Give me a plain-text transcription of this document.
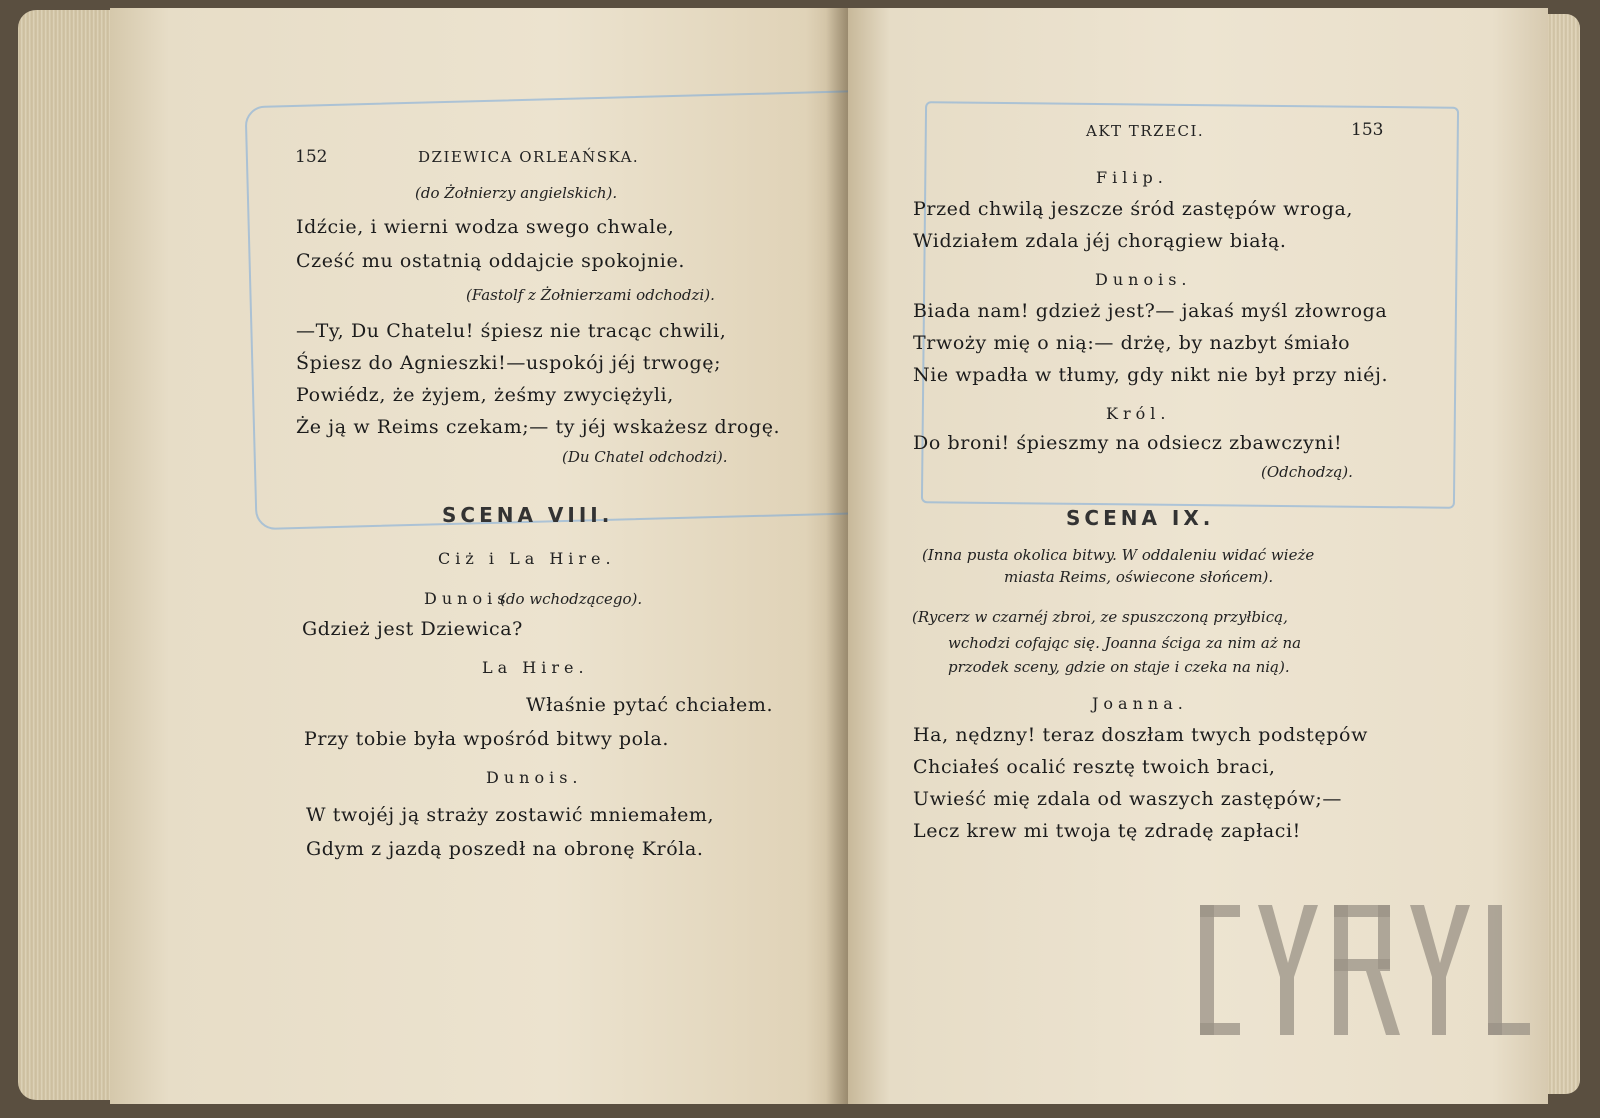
152	DZIEWICA ORLEAŃSKA.
(do Żołnierzy angielskich).
Idźcie, i wierni wodza swego chwale,
Cześć mu ostatnią oddajcie spokojnie.
(Fastolf z Żołnierzami odchodzi).
—Ty, Du Chatelu! śpiesz nie tracąc chwili,
Śpiesz do Agnieszki!—uspokój jéj trwogę;
Powiédz, że żyjem, żeśmy zwyciężyli,
Że ją w Reims czekam;— ty jéj wskażesz drogę.
(Du Chatel odchodzi).
SCENA VIII.
Ciż i La Hire.
Dunois
(do wchodzącego).
Gdzież jest Dziewica?
La Hire.
Właśnie pytać chciałem.
Przy tobie była wpośród bitwy pola.
Dunois.
W twojéj ją straży zostawić mniemałem,
Gdym z jazdą poszedł na obronę Króla.
AKT TRZECI.	153
Filip.
Przed chwilą jeszcze śród zastępów wroga,
Widziałem zdala jéj chorągiew białą.
Dunois.
Biada nam! gdzież jest?— jakaś myśl złowroga
Trwoży mię o nią:— drżę, by nazbyt śmiało
Nie wpadła w tłumy, gdy nikt nie był przy niéj.
Król.
Do broni! śpieszmy na odsiecz zbawczyni!
(Odchodzą).
SCENA IX.
(Inna pusta okolica bitwy. W oddaleniu widać wieże
miasta Reims, oświecone słońcem).
(Rycerz w czarnéj zbroi, ze spuszczoną przyłbicą,
wchodzi cofając się. Joanna ściga za nim aż na
przodek sceny, gdzie on staje i czeka na nią).
Joanna.
Ha, nędzny! teraz doszłam twych podstępów
Chciałeś ocalić resztę twoich braci,
Uwieść mię zdala od waszych zastępów;—
Lecz krew mi twoja tę zdradę zapłaci!
